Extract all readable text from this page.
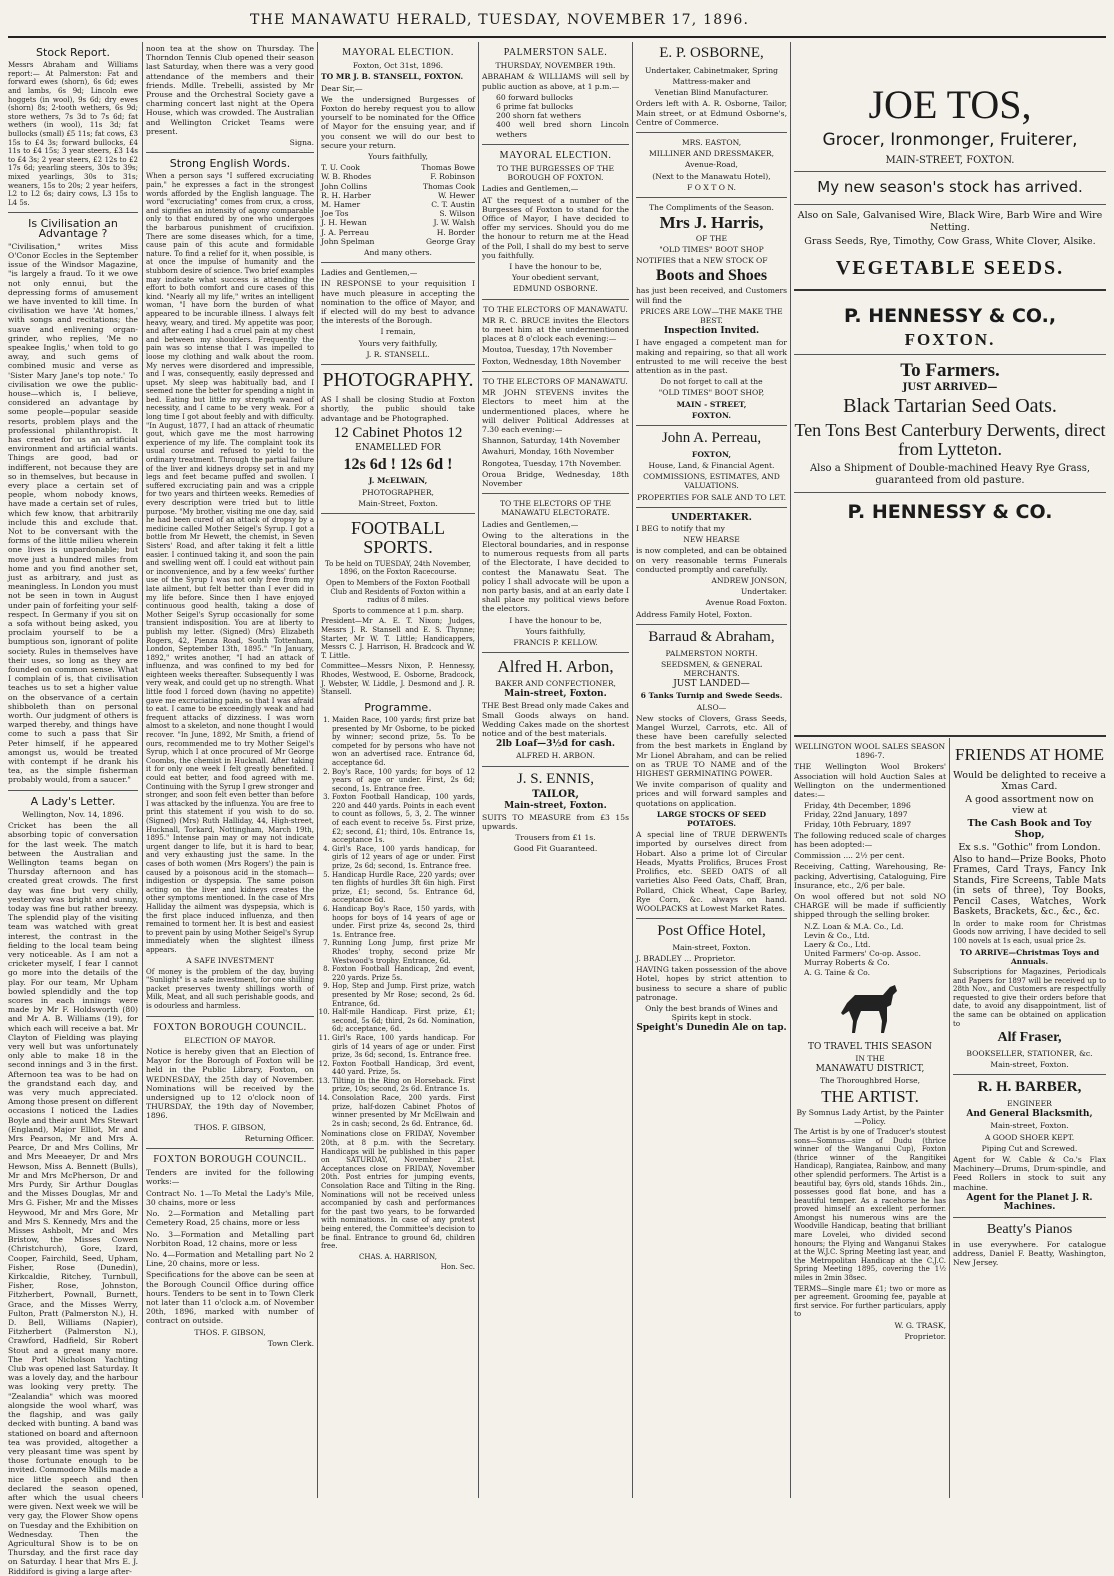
THE MANAWATU HERALD, TUESDAY, NOVEMBER 17, 1896.
Stock Report.
Messrs Abraham and Williams report:— At Palmerston: Fat and forward ewes (shorn), 6s 6d; ewes and lambs, 6s 9d; Lincoln ewe hoggets (in wool), 9s 6d; dry ewes (shorn) 8s; 2-tooth wethers, 6s 9d; store wethers, 7s 3d to 7s 6d; fat wethers (in wool), 11s 3d; fat bullocks (small) £5 11s; fat cows, £3 15s to £4 3s; forward bullocks, £4 11s to £4 15s; 3 year steers, £3 14s to £4 3s; 2 year steers, £2 12s to £2 17s 6d; yearling steers, 30s to 39s; mixed yearlings, 30s to 31s; weaners, 15s to 20s; 2 year heifers, L2 to L2 6s; dairy cows, L3 15s to L4 5s.
Is Civilisation an Advantage ?
"Civilisation," writes Miss O'Conor Eccles in the September issue of the Windsor Magazine, "is largely a fraud. To it we owe not only ennui, but the depressing forms of amusement we have invented to kill time. In civilisation we have 'At homes,' with songs and recitations; the suave and enlivening organ-grinder, who replies, 'Me no speakee Inglis,' when told to go away, and such gems of combined music and verse as 'Sister Mary Jane's top note.' To civilisation we owe the public-house—which is, I believe, considered an advantage by some people—popular seaside resorts, problem plays and the professional philanthropist. It has created for us an artificial environment and artificial wants. Things are good, bad or indifferent, not because they are so in themselves, but because in every place a certain set of people, whom nobody knows, have made a certain set of rules, which few know, that arbitrarily include this and exclude that. Not to be conversant with the forms of the little milieu wherein one lives is unpardonable; but move just a hundred miles from home and you find another set, just as arbitrary, and just as meaningless. In London you must not be seen in town in August under pain of forfeiting your self-respect. In Germany if you sit on a sofa without being asked, you proclaim yourself to be a bumptious son, ignorant of polite society. Rules in themselves have their uses, so long as they are founded on common sense. What I complain of is, that civilisation teaches us to set a higher value on the observance of a certain shibboleth than on personal worth. Our judgment of others is warped thereby, and things have come to such a pass that Sir Peter himself, if he appeared amongst us, would be treated with contempt if he drank his tea, as the simple fisherman probably would, from a saucer."
A Lady's Letter.
Wellington, Nov. 14, 1896.
Cricket has been the all absorbing topic of conversation for the last week. The match between the Australian and Wellington teams began on Thursday afternoon and has created great crowds. The first day was fine but very chilly, yesterday was bright and sunny, today was fine but rather breezy. The splendid play of the visiting team was watched with great interest, the contrast in the fielding to the local team being very noticeable. As I am not a cricketer myself, I fear I cannot go more into the details of the play. For our team, Mr Upham bowled splendidly and the top scores in each innings were made by Mr F. Holdsworth (80) and Mr A. B. Williams (19), for which each will receive a bat. Mr Clayton of Fielding was playing very well but was unfortunately only able to make 18 in the second innings and 3 in the first. Afternoon tea was to be had on the grandstand each day, and was very much appreciated. Among those present on different occasions I noticed the Ladies Boyle and their aunt Mrs Stewart (England), Major Elliot, Mr and Mrs Pearson, Mr and Mrs A. Pearce, Dr and Mrs Collins, Mr and Mrs Meeaeyer, Dr and Mrs Hewson, Miss A. Bennett (Bulls), Mr and Mrs McPherson, Dr and Mrs Purdy, Sir Arthur Douglas and the Misses Douglas, Mr and Mrs G. Fisher, Mr and the Misses Heywood, Mr and Mrs Gore, Mr and Mrs S. Kennedy, Mrs and the Misses Ashbolt, Mr and Mrs Bristow, the Misses Cowen (Christchurch), Gore, Izard, Cooper, Fairchild, Seed, Upham, Fisher, Rose (Dunedin), Kirkcaldie, Ritchey, Turnbull, Fisher, Rose, Johnston, Fitzherbert, Pownall, Burnett, Grace, and the Misses Werry, Fulton, Pratt (Palmerston N.), H. D. Bell, Williams (Napier), Fitzherbert (Palmerston N.), Crawford, Hadfield, Sir Robert Stout and a great many more. The Port Nicholson Yachting Club was opened last Saturday. It was a lovely day, and the harbour was looking very pretty. The "Zealandia" which was moored alongside the wool wharf, was the flagship, and was gaily decked with bunting. A band was stationed on board and afternoon tea was provided, altogether a very pleasant time was spent by those fortunate enough to be invited. Commodore Mills made a nice little speech and then declared the season opened, after which the usual cheers were given. Next week we will be very gay, the Flower Show opens on Tuesday and the Exhibition on Wednesday. Then the Agricultural Show is to be on Thursday, and the first race day on Saturday. I hear that Mrs E. J. Riddiford is giving a large after-
noon tea at the show on Thursday. The Thorndon Tennis Club opened their season last Saturday, when there was a very good attendance of the members and their friends. Mdlle. Trebelli, assisted by Mr Prouse and the Orchestral Society gave a charming concert last night at the Opera House, which was crowded. The Australian and Wellington Cricket Teams were present.
Signa.
Strong English Words.
When a person says "I suffered excruciating pain," he expresses a fact in the strongest words afforded by the English language. The word "excruciating" comes from crux, a cross, and signifies an intensity of agony comparable only to that endured by one who undergoes the barbarous punishment of crucifixion. There are some diseases which, for a time, cause pain of this acute and formidable nature. To find a relief for it, when possible, is at once the impulse of humanity and the stubborn desire of science. Two brief examples may indicate what success is attending the effort to both comfort and cure cases of this kind. "Nearly all my life," writes an intelligent woman, "I have born the burden of what appeared to be incurable illness. I always felt heavy, weary, and tired. My appetite was poor, and after eating I had a cruel pain at my chest and between my shoulders. Frequently the pain was so intense that I was impelled to loose my clothing and walk about the room. My nerves were disordered and impressible, and I was, consequently, easily depressed and upset. My sleep was habitually bad, and I seemed none the better for spending a night in bed. Eating but little my strength waned of necessity, and I came to be very weak. For a long time I got about feebly and with difficulty. "In August, 1877, I had an attack of rheumatic gout, which gave me the most harrowing experience of my life. The complaint took its usual course and refused to yield to the ordinary treatment. Through the partial failure of the liver and kidneys dropsy set in and my legs and feet became puffed and swollen. I suffered excruciating pain and was a cripple for two years and thirteen weeks. Remedies of every description were tried but to little purpose. "My brother, visiting me one day, said he had been cured of an attack of dropsy by a medicine called Mother Seigel's Syrup. I got a bottle from Mr Hewett, the chemist, in Seven Sisters' Road, and after taking it felt a little easier. I continued taking it, and soon the pain and swelling went off. I could eat without pain or inconvenience, and by a few weeks' further use of the Syrup I was not only free from my late ailment, but felt better than I ever did in my life before. Since then I have enjoyed continuous good health, taking a dose of Mother Seigel's Syrup occasionally for some transient indisposition. You are at liberty to publish my letter. (Signed) (Mrs) Elizabeth Rogers, 42, Pienza Road, South Tottenham, London, September 13th, 1895." "In January, 1892," writes another, "I had an attack of influenza, and was confined to my bed for eighteen weeks thereafter. Subsequently I was very weak, and could get up no strength. What little food I forced down (having no appetite) gave me excruciating pain, so that I was afraid to eat. I came to be exceedingly weak and had frequent attacks of dizziness. I was worn almost to a skeleton, and none thought I would recover. "In June, 1892, Mr Smith, a friend of ours, recommended me to try Mother Seigel's Syrup, which I at once procured of Mr George Coombs, the chemist in Hucknall. After taking it for only one week I felt greatly benefited. I could eat better, and food agreed with me. Continuing with the Syrup I grew stronger and stronger, and soon felt even better than before I was attacked by the influenza. You are free to print this statement if you wish to do so. (Signed) (Mrs) Ruth Halliday, 44, High-street, Hucknall, Torkard, Nottingham, March 19th, 1895." Intense pain may or may not indicate urgent danger to life, but it is hard to bear, and very exhausting just the same. In the cases of both women (Mrs Rogers') the pain is caused by a poisonous acid in the stomach—indigestion or dyspepsia. The same poison acting on the liver and kidneys creates the other symptoms mentioned. In the case of Mrs Halliday the ailment was dyspepsia, which is the first place induced influenza, and then remained to torment her. It is best and easiest to prevent pain by using Mother Seigel's Syrup immediately when the slightest illness appears.
A SAFE INVESTMENT
Of money is the problem of the day, buying "Sunlight" is a safe investment, for one shilling packet preserves twenty shillings worth of Milk, Meat, and all such perishable goods, and is odourless and harmless.
FOXTON BOROUGH COUNCIL.
ELECTION OF MAYOR.
Notice is hereby given that an Election of Mayor for the Borough of Foxton will be held in the Public Library, Foxton, on WEDNESDAY, the 25th day of November. Nominations will be received by the undersigned up to 12 o'clock noon of THURSDAY, the 19th day of November, 1896.
THOS. F. GIBSON,
Returning Officer.
FOXTON BOROUGH COUNCIL.
Tenders are invited for the following works:—
Contract No. 1—To Metal the Lady's Mile, 30 chains, more or less
No. 2—Formation and Metalling part Cemetery Road, 25 chains, more or less
No. 3—Formation and Metalling part Norbiton Road, 12 chains, more or less
No. 4—Formation and Metalling part No 2 Line, 20 chains, more or less.
Specifications for the above can be seen at the Borough Council Office during office hours. Tenders to be sent in to Town Clerk not later than 11 o'clock a.m. of November 20th, 1896, marked with number of contract on outside.
THOS. F. GIBSON,
Town Clerk.
MAYORAL ELECTION.
Foxton, Oct 31st, 1896.
TO MR J. B. STANSELL, FOXTON.
Dear Sir,—
We the undersigned Burgesses of Foxton do hereby request you to allow yourself to be nominated for the Office of Mayor for the ensuing year, and if you consent we will do our best to secure your return.
Yours faithfully,
T. U. Cook	Thomas Bowe
W. B. Rhodes	F. Robinson
John Collins	Thomas Cook
R. H. Harber	W. Hewer
M. Hamer	C. T. Austin
Joe Tos	S. Wilson
J. H. Hewan	J. W. Walsh
J. A. Perreau	H. Border
John Spelman	George Gray
And many others.
Ladies and Gentlemen,—
IN RESPONSE to your requisition I have much pleasure in accepting the nomination to the office of Mayor, and if elected will do my best to advance the interests of the Borough.
I remain,
Yours very faithfully,
J. R. STANSELL.
PHOTOGRAPHY.
AS I shall be closing Studio at Foxton shortly, the public should take advantage and be Photographed.
12 Cabinet Photos 12
ENAMELLED FOR
12s 6d ! 12s 6d !
J. McELWAIN,
PHOTOGRAPHER,
Main-Street, Foxton.
FOOTBALL SPORTS.
To be held on TUESDAY, 24th November, 1896, on the Foxton Racecourse.
Open to Members of the Foxton Football Club and Residents of Foxton within a radius of 8 miles.
Sports to commence at 1 p.m. sharp.
President—Mr A. E. T. Nixon; Judges, Messrs J. R. Stansell and E. S. Thynne; Starter, Mr W. T. Little; Handicappers, Messrs C. J. Harrison, H. Bradcock and W. T. Little.
Committee—Messrs Nixon, P. Hennessy, Rhodes, Westwood, E. Osborne, Bradcock, J. Webster, W. Liddle, J. Desmond and J. R. Stansell.
Programme.
1. Maiden Race, 100 yards; first prize bat presented by Mr Osborne, to be picked by winner; second prize, 5s. To be competed for by persons who have not won an advertised race. Entrance 6d, acceptance 6d.
2. Boy's Race, 100 yards; for boys of 12 years of age or under. First, 2s 6d; second, 1s. Entrance free.
3. Foxton Football Handicap, 100 yards, 220 and 440 yards. Points in each event to count as follows, 5, 3, 2. The winner of each event to receive 5s. First prize, £2; second, £1; third, 10s. Entrance 1s, acceptance 1s.
4. Girl's Race, 100 yards handicap, for girls of 12 years of age or under. First prize, 2s 6d; second, 1s. Entrance free.
5. Handicap Hurdle Race, 220 yards; over ten flights of hurdles 3ft 6in high. First prize, £1; second, 5s. Entrance 6d, acceptance 6d.
6. Handicap Boy's Race, 150 yards, with hoops for boys of 14 years of age or under. First prize 4s, second 2s, third 1s. Entrance free.
7. Running Long Jump, first prize Mr Rhodes' trophy, second prize Mr Westwood's trophy. Entrance, 6d.
8. Foxton Football Handicap, 2nd event, 220 yards. Prize 5s.
9. Hop, Step and Jump. First prize, watch presented by Mr Rose; second, 2s 6d. Entrance, 6d.
10. Half-mile Handicap. First prize, £1; second, 5s 6d; third, 2s 6d. Nomination, 6d; acceptance, 6d.
11. Girl's Race, 100 yards handicap. For girls of 14 years of age or under. First prize, 3s 6d; second, 1s. Entrance free.
12. Foxton Football Handicap, 3rd event, 440 yard. Prize, 5s.
13. Tilting in the Ring on Horseback. First prize, 10s; second, 2s 6d. Entrance 1s.
14. Consolation Race, 200 yards. First prize, half-dozen Cabinet Photos of winner presented by Mr McElwain and 2s in cash; second, 2s 6d. Entrance, 6d.
Nominations close on FRIDAY, November 20th, at 8 p.m. with the Secretary. Handicaps will be published in this paper on SATURDAY, November 21st. Acceptances close on FRIDAY, November 20th. Post entries for jumping events, Consolation Race and Tilting in the Ring. Nominations will not be received unless accompanied by cash and performances for the past two years, to be forwarded with nominations. In case of any protest being entered, the Committee's decision to be final. Entrance to ground 6d, children free.
CHAS. A. HARRISON,
Hon. Sec.
PALMERSTON SALE.
THURSDAY, NOVEMBER 19th.
ABRAHAM & WILLIAMS will sell by public auction as above, at 1 p.m.—
60 forward bullocks
6 prime fat bullocks
200 shorn fat wethers
400 well bred shorn Lincoln wethers
MAYORAL ELECTION.
TO THE BURGESSES OF THE BOROUGH OF FOXTON.
Ladies and Gentlemen,—
AT the request of a number of the Burgesses of Foxton to stand for the Office of Mayor, I have decided to offer my services. Should you do me the honour to return me at the Head of the Poll, I shall do my best to serve you faithfully.
I have the honour to be,
Your obedient servant,
EDMUND OSBORNE.
TO THE ELECTORS OF MANAWATU.
MR R. C. BRUCE invites the Electors to meet him at the undermentioned places at 8 o'clock each evening:—
Moutoa, Tuesday, 17th November
Foxton, Wednesday, 18th November
TO THE ELECTORS OF MANAWATU.
MR JOHN STEVENS invites the Electors to meet him at the undermentioned places, where he will deliver Political Addresses at 7.30 each evening:—
Shannon, Saturday, 14th November
Awahuri, Monday, 16th November
Rongotea, Tuesday, 17th November.
Oroua Bridge, Wednesday, 18th November
TO THE ELECTORS OF THE MANAWATU ELECTORATE.
Ladies and Gentlemen,—
Owing to the alterations in the Electoral boundaries, and in response to numerous requests from all parts of the Electorate, I have decided to contest the Manawatu Seat. The policy I shall advocate will be upon a non party basis, and at an early date I shall place my political views before the electors.
I have the honour to be,
Yours faithfully,
FRANCIS P. KELLOW.
Alfred H. Arbon,
BAKER AND CONFECTIONER,
Main-street, Foxton.
THE Best Bread only made Cakes and Small Goods always on hand. Wedding Cakes made on the shortest notice and of the best materials.
2lb Loaf—3½d for cash.
ALFRED H. ARBON.
J. S. ENNIS,
TAILOR,
Main-street, Foxton.
SUITS TO MEASURE from £3 15s upwards.
Trousers from £1 1s.
Good Fit Guaranteed.
E. P. OSBORNE,
Undertaker, Cabinetmaker, Spring
Mattress-maker and
Venetian Blind Manufacturer.
Orders left with A. R. Osborne, Tailor, Main street, or at Edmund Osborne's, Centre of Commerce.
MRS. EASTON,
MILLINER AND DRESSMAKER,
Avenue-Road,
(Next to the Manawatu Hotel),
F O X T O N.
The Compliments of the Season.
Mrs J. Harris,
OF THE
"OLD TIMES" BOOT SHOP
NOTIFIES that a NEW STOCK OF
Boots and Shoes
has just been received, and Customers will find the
PRICES ARE LOW—THE MAKE THE BEST.
Inspection Invited.
I have engaged a competent man for making and repairing, so that all work entrusted to me will receive the best attention as in the past.
Do not forget to call at the
"OLD TIMES" BOOT SHOP,
MAIN - STREET,
FOXTON.
John A. Perreau,
FOXTON,
House, Land, & Financial Agent.
COMMISSIONS, ESTIMATES, AND VALUATIONS.
PROPERTIES FOR SALE AND TO LET.
UNDERTAKER.
I BEG to notify that my
NEW HEARSE
is now completed, and can be obtained on very reasonable terms Funerals conducted promptly and carefully.
ANDREW JONSON,
Undertaker.
Avenue Road Foxton.
Address Family Hotel, Foxton.
Barraud & Abraham,
PALMERSTON NORTH.
SEEDSMEN, & GENERAL MERCHANTS.
JUST LANDED—
6 Tanks Turnip and Swede Seeds.
ALSO—
New stocks of Clovers, Grass Seeds, Mangel Wurzel, Carrots, etc. All of these have been carefully selected from the best markets in England by Mr Lionel Abraham, and can be relied on as TRUE TO NAME and of the HIGHEST GERMINATING POWER.
We invite comparison of quality and prices and will forward samples and quotations on application.
LARGE STOCKS OF SEED POTATOES.
A special line of TRUE DERWENTs imported by ourselves direct from Hobart. Also a prime lot of Circular Heads, Myatts Prolifics, Bruces Frost Prolifics, etc. SEED OATS of all varieties Also Feed Oats, Chaff, Bran, Pollard, Chick Wheat, Cape Barley, Rye Corn, &c. always on hand. WOOLPACKS at Lowest Market Rates.
Post Office Hotel,
Main-street, Foxton.
J. BRADLEY ... Proprietor.
HAVING taken possession of the above Hotel, hopes by strict attention to business to secure a share of public patronage.
Only the best brands of Wines and Spirits kept in stock.
Speight's Dunedin Ale on tap.
JOE TOS,
Grocer, Ironmonger, Fruiterer,
MAIN-STREET, FOXTON.
My new season's stock has arrived.
Also on Sale, Galvanised Wire, Black Wire, Barb Wire and Wire Netting.
Grass Seeds, Rye, Timothy, Cow Grass, White Clover, Alsike.
VEGETABLE SEEDS.
P. HENNESSY & CO.,
FOXTON.
To Farmers.
JUST ARRIVED—
Black Tartarian Seed Oats.
Ten Tons Best Canterbury Derwents, direct from Lytteton.
Also a Shipment of Double-machined Heavy Rye Grass, guaranteed from old pasture.
P. HENNESSY & CO.
WELLINGTON WOOL SALES SEASON 1896-7.
THE Wellington Wool Brokers' Association will hold Auction Sales at Wellington on the undermentioned dates:—
Friday, 4th December, 1896
Friday, 22nd January, 1897
Friday, 10th February, 1897
The following reduced scale of charges has been adopted:—
Commission .... 2½ per cent.
Receiving, Catting, Warehousing, Re-packing, Advertising, Cataloguing, Fire Insurance, etc., 2/6 per bale.
On wool offered but not sold NO CHARGE will be made if sufficiently shipped through the selling broker.
N.Z. Loan & M.A. Co., Ld.
Levin & Co., Ltd.
Laery & Co., Ltd.
United Farmers' Co-op. Assoc.
Murray Roberts & Co.
A. G. Taine & Co.
TO TRAVEL THIS SEASON
IN THE
MANAWATU DISTRICT,
The Thoroughbred Horse,
THE ARTIST.
By Somnus Lady Artist, by the Painter—Policy.
The Artist is by one of Traducer's stoutest sons—Somnus—sire of Dudu (thrice winner of the Wanganui Cup), Foxton (thrice winner of the Rangitikei Handicap), Rangiatea, Rainbow, and many other splendid performers. The Artist is a beautiful bay, 6yrs old, stands 16hds. 2in., possesses good flat bone, and has a beautiful temper. As a racehorse he has proved himself an excellent performer. Amongst his numerous wins are the Woodville Handicap, beating that brilliant mare Lovelei, who divided second honours; the Flying and Wanganui Stakes at the W.J.C. Spring Meeting last year, and the Metropolitan Handicap at the C.J.C. Spring Meeting 1895, covering the 1½ miles in 2min 38sec.
TERMS—Single mare £1; two or more as per agreement. Grooming fee, payable at first service. For further particulars, apply to
W. G. TRASK,
Proprietor.
FRIENDS AT HOME
Would be delighted to receive a Xmas Card.
A good assortment now on view at
The Cash Book and Toy Shop,
Ex s.s. "Gothic" from London.
Also to hand—Prize Books, Photo Frames, Card Trays, Fancy Ink Stands, Fire Screens, Table Mats (in sets of three), Toy Books, Pencil Cases, Watches, Work Baskets, Brackets, &c., &c., &c.
In order to make room for Christmas Goods now arriving, I have decided to sell 100 novels at 1s each, usual price 2s.
TO ARRIVE—Christmas Toys and Annuals.
Subscriptions for Magazines, Periodicals and Papers for 1897 will be received up to 28th Nov., and Customers are respectfully requested to give their orders before that date, to avoid any disappointment, list of the same can be obtained on application to
Alf Fraser,
BOOKSELLER, STATIONER, &c.
Main-street, Foxton.
R. H. BARBER,
ENGINEER
And General Blacksmith,
Main-street, Foxton.
A GOOD SHOER KEPT.
Piping Cut and Screwed.
Agent for W. Cable & Co.'s Flax Machinery—Drums, Drum-spindle, and Feed Rollers in stock to suit any machine.
Agent for the Planet J. R. Machines.
Beatty's Pianos
in use everywhere. For catalogue address, Daniel F. Beatty, Washington, New Jersey.
